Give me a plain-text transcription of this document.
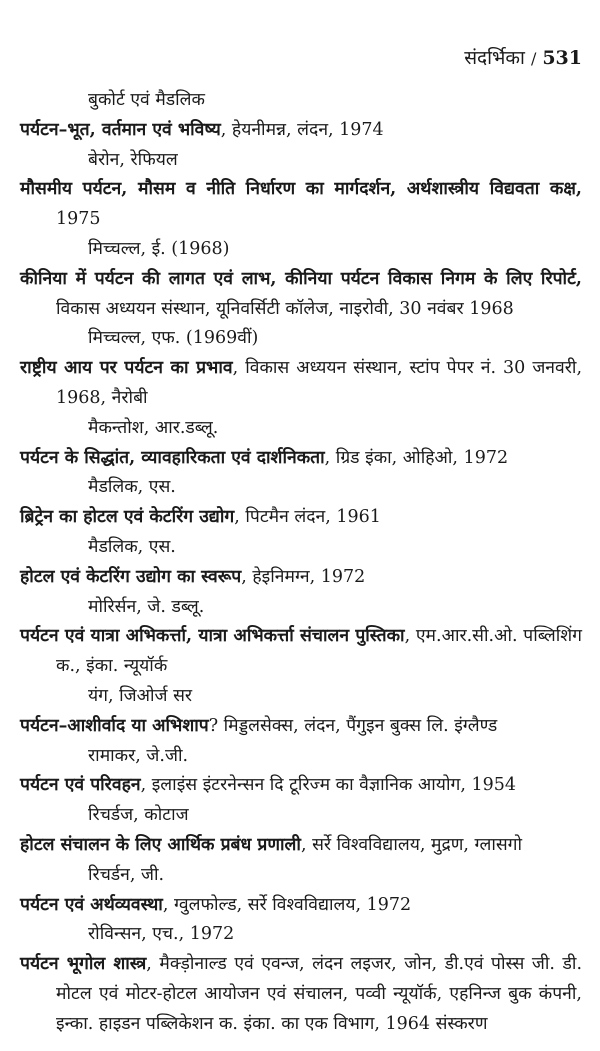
संदर्भिका / 531
बुकोर्ट एवं मैडलिक
पर्यटन–भूत, वर्तमान एवं भविष्य, हेयनीमन्न, लंदन, 1974
बेरोन, रेफियल
मौसमीय पर्यटन, मौसम व नीति निर्धारण का मार्गदर्शन, अर्थशास्त्रीय विद्यवता कक्ष, 1975
मिच्चल्ल, ई. (1968)
कीनिया में पर्यटन की लागत एवं लाभ, कीनिया पर्यटन विकास निगम के लिए रिपोर्ट, विकास अध्ययन संस्थान, यूनिवर्सिटी कॉलेज, नाइरोवी, 30 नवंबर 1968
मिच्चल्ल, एफ. (1969वीं)
राष्ट्रीय आय पर पर्यटन का प्रभाव, विकास अध्ययन संस्थान, स्टांप पेपर नं. 30 जनवरी, 1968, नैरोबी
मैकन्तोश, आर.डब्लू.
पर्यटन के सिद्धांत, व्यावहारिकता एवं दार्शनिकता, ग्रिड इंका, ओहिओ, 1972
मैडलिक, एस.
ब्रिट्रेन का होटल एवं केटरिंग उद्योग, पिटमैन लंदन, 1961
मैडलिक, एस.
होटल एवं केटरिंग उद्योग का स्वरूप, हेइनिमग्न, 1972
मोरिर्सन, जे. डब्लू.
पर्यटन एवं यात्रा अभिकर्त्ता, यात्रा अभिकर्त्ता संचालन पुस्तिका, एम.आर.सी.ओ. पब्लिशिंग क., इंका. न्यूयॉर्क
यंग, जिओर्ज सर
पर्यटन–आशीर्वाद या अभिशाप? मिड्डलसेक्स, लंदन, पैंगुइन बुक्स लि. इंग्लैण्ड
रामाकर, जे.जी.
पर्यटन एवं परिवहन, इलाइंस इंटरनेन्सन दि टूरिज्म का वैज्ञानिक आयोग, 1954
रिचर्डज, कोटाज
होटल संचालन के लिए आर्थिक प्रबंध प्रणाली, सर्रे विश्वविद्यालय, मुद्रण, ग्लासगो
रिचर्डन, जी.
पर्यटन एवं अर्थव्यवस्था, ग्वुलफोल्ड, सर्रे विश्वविद्यालय, 1972
रोविन्सन, एच., 1972
पर्यटन भूगोल शास्त्र, मैक्ड़ोनाल्ड एवं एवन्ज, लंदन लइजर, जोन, डी.एवं पोस्स जी. डी. मोटल एवं मोटर-होटल आयोजन एवं संचालन, पव्वी न्यूयॉर्क, एहनिन्ज बुक कंपनी, इन्का. हाइडन पब्लिकेशन क. इंका. का एक विभाग, 1964 संस्करण
